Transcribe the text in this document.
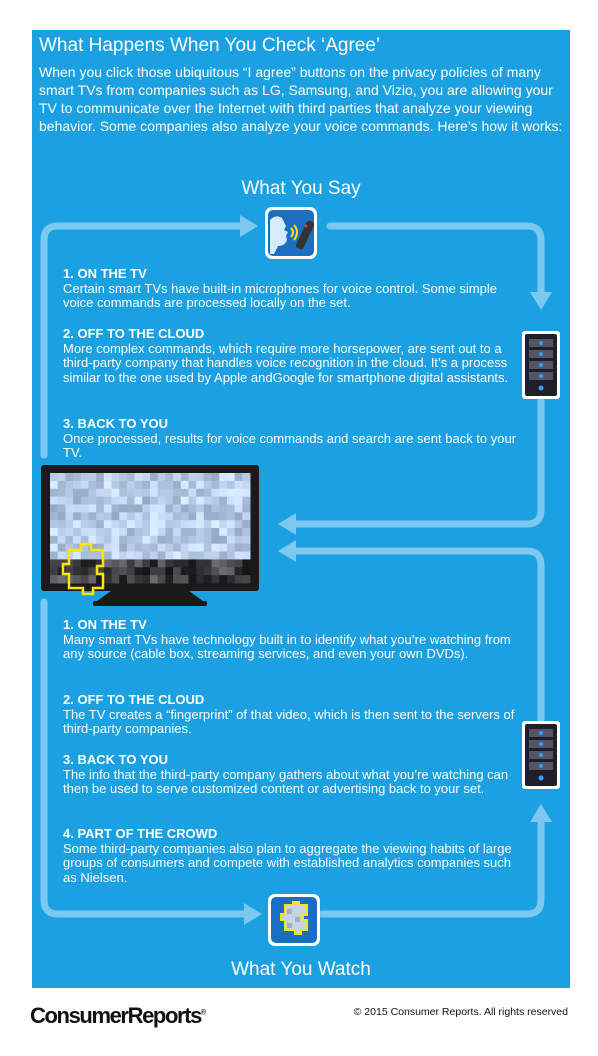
What Happens When You Check ‘Agree’
When you click those ubiquitous “I agree” buttons on the privacy policies of many smart TVs from companies such as LG, Samsung, and Vizio, you are allowing your TV to communicate over the Internet with third parties that analyze your viewing behavior. Some companies also analyze your voice commands. Here’s how it works:
What You Say
1. ON THE TV
Certain smart TVs have built-in microphones for voice control. Some simple voice commands are processed locally on the set.
2. OFF TO THE CLOUD
More complex commands, which require more horsepower, are sent out to a third-party company that handles voice recognition in the cloud. It’s a process similar to the one used by Apple andGoogle for smartphone digital assistants.
3. BACK TO YOU
Once processed, results for voice commands and search are sent back to your TV.
1. ON THE TV
Many smart TVs have technology built in to identify what you’re watching from any source (cable box, streaming services, and even your own DVDs).
2. OFF TO THE CLOUD
The TV creates a “fingerprint” of that video, which is then sent to the servers of third-party companies.
3. BACK TO YOU
The info that the third-party company gathers about what you’re watching can then be used to serve customized content or advertising back to your set.
4. PART OF THE CROWD
Some third-party companies also plan to aggregate the viewing habits of large groups of consumers and compete with established analytics companies such as Nielsen.
What You Watch
ConsumerReports®	© 2015 Consumer Reports. All rights reserved
